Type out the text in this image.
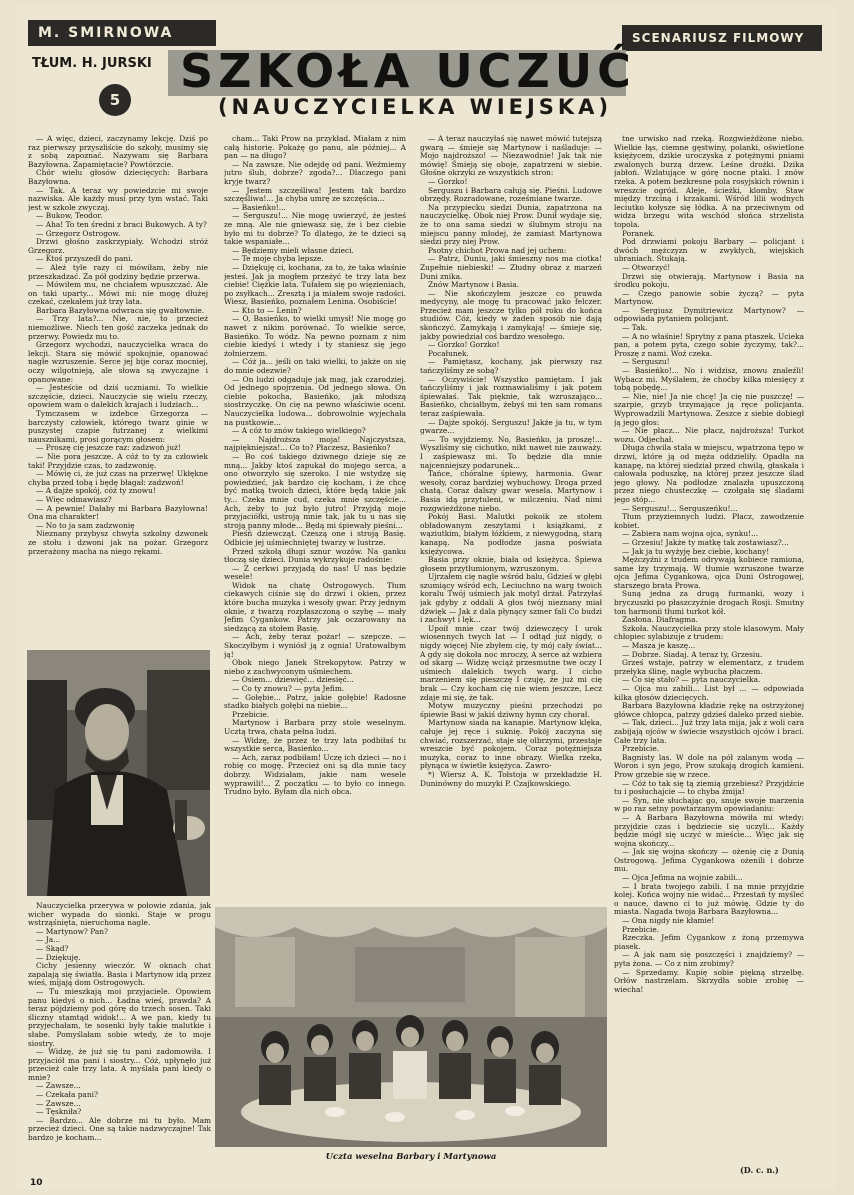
M. SMIRNOWA	SCENARIUSZ FILMOWY
TŁUM. H. JURSKI
5
SZKOŁA UCZUĆ
(NAUCZYCIELKA WIEJSKA)

— A więc, dzieci, zaczynamy lekcję. Dziś po raz pierwszy przyszliście do szkoły, musimy się z sobą zapoznać. Nazywam się Barbara Bazyłowna. Zapamiętacie? Powtórzcie.

Chór wielu głosów dziecięcych: Barbara Bazyłowna.

— Tak. A teraz wy powiedzcie mi swoje nazwiska. Ale każdy musi przy tym wstać. Taki jest w szkole zwyczaj.

— Bukow, Teodor.

— Aha! To ten średni z braci Bukowych. A ty?

— Grzegorz Ostrogow.

Drzwi głośno zaskrzypiały. Wchodzi stróż Grzegorz.

— Ktoś przyszedł do pani.

— Ależ tyle razy ci mówiłam, żeby nie przeszkadzać. Za pół godziny będzie przerwa.

— Mówiłem mu, ne chciałem wpuszczać. Ale on taki uparty... Mówi mi: nie mogę dłużej czekać, czekałem już trzy lata.

Barbara Bazyłowna odwraca się gwałtownie.

— Trzy lata?... Nie, nie, to przecież niemożliwe. Niech ten gość zaczeka jednak do przerwy. Powiedz mu to.

Grzegorz wychodzi, nauczycielka wraca do lekcji. Stara się mówić spokojnie, opanować nagłe wzruszenie. Serce jej bije coraz mocniej, oczy wilgotnieją, ale słowa są zwyczajne i opanowane:

— Jesteście od dziś uczniami. To wielkie szczęście, dzieci. Nauczycie się wielu rzeczy, opowiem wam o dalekich krajach i ludziach...

Tymczasem w izdebce Grzegorza — barczysty człowiek, którego twarz ginie w puszystej czapie futrzanej z wielkimi nausznikami, prosi gorącym głosem:

— Proszę cię jeszcze raz: zadzwoń już!

— Nie pora jeszcze. A cóż to ty za człowiek taki! Przyjdzie czas, to zadzwonię.

— Mówię ci, że już czas na przerwę! Ukłękne chyba przed tobą i będę błagał: zadzwoń!

— A dajże spokój, cóż ty znowu!

— Więc odmawiasz?

— A pewnie! Dałaby mi Barbara Bazyłowna! Ona ma charakter!

— No to ja sam zadzwonię

Nieznany przybysz chwyta szkolny dzwonek ze stołu i dzwoni jak na pożar. Grzegorz przerażony macha na niego rękami.

cham... Taki Prow na przykład. Miałam z nim całą historię. Pokażę go panu, ale później... A pan — na długo?

— Na zawsze. Nie odejdę od pani. Weźmiemy jutro ślub, dobrze? zgoda?... Dlaczego pani kryje twarz?

— Jestem szczęśliwa! Jestem tak bardzo szczęśliwa!... Ja chyba umrę ze szczęścia...

— Basieńko!...

— Serguszu!... Nie mogę uwierzyć, że jesteś ze mną. Ale nie gniewasz się, że i bez ciebie było mi tu dobrze? To dlatego, że te dzieci są takie wspaniałe...

— Będziemy mieli własne dzieci.

— Te moje chyba lepsze.

— Dziękuję ci, kochana, za to, że taka właśnie jesteś. Jak ja mogłem przeżyć te trzy lata bez ciebie! Ciężkie lata. Tułałem się po więzieniach, po zsyłkach... Zresztą i ja miałem swoje radości. Wiesz, Basieńko, poznałem Lenina. Osobiście!

— Kto to — Lenin?

— O, Basieńko, to wielki umysł! Nie mogę go nawet z nikim porównać. To wielkie serce, Basieńko. To wódz. Na pewno poznam z nim ciebie kiedyś i wtedy i ty staniesz się jego żołnierzem.

— Cóż ja... jeśli on taki wielki, to jakże on się do mnie odezwie?

— On ludzi odgaduje jak mag, jak czarodziej. Od jednego spojrzenia. Od jednego słowa. On ciebie pokocha, Basieńko, jak młodszą siostrzyczkę. On cię na pewno właściwie oceni. Nauczycielka ludowa... dobrowolnie wyjechała na pustkowie...

— A cóż to znów takiego wielkiego?

— Najdroższa moja! Najczystsza, najpiękniejsza!... Co to? Płaczesz, Basieńko?

— Bo coś takiego dziwnego dzieje się ze mną... Jakby ktoś zapukał do mojego serca, a ono otworzyło się szeroko. I nie wstydzę się powiedzieć, jak bardzo cię kocham, i że chcę być matką twoich dzieci, które będą takie jak ty... Czeka mnie cud, czeka mnie szczęście... Ach, żeby to już było jutro! Przyjdą moje przyjaciółki, ustroją mnie tak, jak tu u nas się stroją panny młode... Będą mi śpiewały pieśni...

Pieśń dziewcząt. Czeszą one i stroją Basię. Odbicie jej uśmiechniętej twarzy w lustrze.

Przed szkołą długi sznur wozów. Na ganku tłoczą się dzieci. Dunia wykrzykuje radośnie:

— Z cerkwi przyjadą do nas! U nas będzie wesele!

Widok na chatę Ostrogowych. Tłum ciekawych ciśnie się do drzwi i okien, przez które bucha muzyka i wesoły gwar. Przy jednym oknie, z twarzą rozpłaszczoną o szybę — mały Jefim Cygankow. Patrzy jak oczarowany na siedzącą za stołem Basię.

— Ach, żeby teraz pożar! — szepcze. — Skoczyłbym i wyniósł ją z ognia! Uratowałbym ją!

Obok niego Janek Strekopytow. Patrzy w niebo z zachwyconym uśmiechem.

— Osiem... dziewięć... dziesięć...

— Co ty znowu? — pyta Jefim.

— Gołębie... Patrz, jakie gołębie! Radosne stadko białych gołębi na niebie...

Przebicie.

Martynow i Barbara przy stole weselnym. Ucztą trwa, chata pełna ludzi.

— Widzę, że przez te trzy lata podbiłaś tu wszystkie serca, Basieńko...

— Ach, zaraz podbiłam! Uczę ich dzieci — no i robię co mogę. Przecież oni są dla mnie tacy dobrzy. Widziałam, jakie nam wesele wyprawili!... Z początku — to było co innego. Trudno było. Byłam dla nich obca.

— A teraz nauczyłaś się nawet mówić tutejszą gwarą — śmieje się Martynow i naśladuje: — Mojo najdroższo! — Niezawodnie! Jak tak nie mówię! Śmieją się oboje, zapatrzeni w siebie. Głośne okrzyki ze wszystkich stron:

— Gorzko!

Serguszu i Barbara całują się. Pieśni. Ludowe obrzędy. Rozradowane, roześmiane twarze.

Na przypiecku siedzi Dunia, zapatrzona na nauczycielkę. Obok niej Prow. Dunił wydaje się, że to ona sama siedzi w ślubnym stroju na miejscu panny młodej, że zamiast Martynowa siedzi przy niej Prow.

Psotny chichot Prowa nad jej uchem:

— Patrz, Duniu, jaki śmieszny nos ma ciotka! Zupełnie niebieski! — Złudny obraz z marzeń Duni znika.

Znów Martynow i Basia.

— Nie skończyłem jeszcze co prawda medycyny, ale mogę tu pracować jako felczer. Przecież mam jeszcze tylko pół roku do końca studiów. Cóż, kiedy w żaden sposób nie dają skończyć. Zamykają i zamykają! — śmieje się, jakby powiedział coś bardzo wesołego.

— Gorzko! Gorzko!

Pocałunek.

— Pamiętasz, kochany, jak pierwszy raz tańczyliśmy ze sobą?

— Oczywiście! Wszystko pamiętam. I jak tańczyliśmy i jak rozmawialiśmy i jak potem śpiewałaś. Tak pięknie, tak wzruszająco... Basieńko, chciałbym, żebyś mi ten sam romans teraz zaśpiewała.

— Dajże spokój. Serguszu! Jakże ja tu, w tym gwarze...

— To wyjdziemy. No, Basieńko, ja proszę!... Wyszliśmy się cichutko, nikt nawet nie zauważy. I zaśpiewasz mi. To będzie dla mnie najcenniejszy podarunek...

Tańce, chóralne śpiewy, harmonia. Gwar wesoły, coraz bardziej wybuchowy. Droga przed chatą. Coraz dalszy gwar wesela. Martynow i Basia idą przytuleni, w milczeniu. Nad nimi rozgwieżdżone niebo.

Pokój Basi. Malutki pokoik ze stołem obładowanym zeszytami i książkami, z wąziutkim, białym łóżkiem, z niewygodną, starą kanapą. Na podłodze jasna poświata księżycowa.

Basia przy oknie, biała od księżyca. Śpiewa głosem przytłumionym, wzruszonym.

Ujrzałem cię nagle wśród balu, Gdzieś w głębi szumiący wśród ech, Leciuchno na warg twoich koralu Twój uśmiech jak motyl drżał. Patrzyłaś jak gdyby z oddali A głos twój nieznany miał dźwięk — Jak z dala płynący szmer fali Co budzi i zachwyt i lęk...

Upoił mnie czar twój dziewczęcy I urok wiosennych twych lat — I odtąd już nigdy, o nigdy więcej Nie zbyłem cię, ty mój cały świat... A gdy się dokoła noc mroczy, A serce aż wzbiera od skarg — Widzę wciąż przesmutne twe oczy I uśmiech dalekich twych warg. I cicho marzeniem się pieszczę I czuję, że już mi cię brak — Czy kocham cię nie wiem jeszcze, Lecz zdaje mi się, że tak.

Motyw muzyczny pieśni przechodzi po śpiewie Basi w jakiś dziwny hymn czy chorał.

Martynow siada na kanapie. Martynow klęka, całuje jej ręce i suknię. Pokój zaczyna się chwiać, rozszerzać, staje się olbrzymi, przestaje wreszcie być pokojem. Coraz potężniejsza muzyka, coraz to inne obrazy. Wielka rzeka, płynąca w świetle księżyca. Zawro-

*) Wiersz A. K. Tołstoja w przekładzie H. Duninówny do muzyki P. Czajkowskiego.

tne urwisko nad rzeką. Rozgwieżdżone niebo. Wielkie łąs, ciemne gęstwiny, polanki, oświetlone księżycem, dzikie uroczyska z potężnymi pniami zwalonych burzą drzew. Leśne drożki. Dzika jabłoń. Wzlatujące w górę nocne ptaki. I znów rzeka. A potem bezkresne pola rosyjskich równin i wreszcie ogród. Aleje, ścieżki, klomby. Staw między trzciną i krzakami. Wśród lilii wodnych leciutko kołysze się łódka. A na przeciwnym od widza brzegu wita wschód słońca strzelista topola.

Poranek.

Pod drzwiami pokoju Barbary — policjant i dwóch mężczyzn w zwykłych, wiejskich ubraniach. Stukają.

— Otworzyć!

Drzwi się otwierają. Martynow i Basia na środku pokoju.

— Czego panowie sobie życzą? — pyta Martynow.

— Sergiusz Dymitriewicz Martynow? — odpowiada pytaniem policjant.

— Tak.

— A no właśnie! Sprytny z pana ptaszek. Ucieka pan, a potem pyta, czego sobie życzymy, tak?... Proszę z nami. Woź czeka.

— Serguszu!

— Basieńko!... No i widzisz, znowu znaleźli! Wybacz mi. Myślałem, że choćby kilka miesięcy z tobą pobędę...

— Nie, nie! Ja nie chcę! Ja cię nie puszczę! — szarpie, grzyb trzymające ją ręce policjanta. Wyprowadzili Martynowa. Zeszce z siebie dobiegł ją jego głos:

— Nie płacz... Nie płacz, najdroższa! Turkot wozu. Odjechał.

Długa chwila stała w miejscu, wpatrzona tępo w drzwi, które ją od męża oddzieliły. Opadła na kanapę, na której siedział przed chwilą, głaskała i całowała poduszkę, na której przez jeszcze ślad jego głowy. Na podłodze znalazła upuszczoną przez niego chusteczkę — czołgała się śladami jego stóp...

— Serguszu!... Serguszeńku!...

Tłum przyziemnych ludzi. Płacz, zawodzenie kobiet.

— Zabiera nam wojna ojca, synku!...

— Grzesiu! Jakże ty matkę tak zostawiasz?...

— Jak ja tu wyżyję bez ciebie, kochany!

Mężczyźni z trudem odrywają kobiece ramiona, same łzy trzymają. W tłumie wzruszone twarze ojca Jefima Cygankowa, ojca Duni Ostrogowej, starszego brata Prowa.

Suną jedna za drugą furmanki, wozy i bryczuszki po płaszczyźnie drogach Rosji. Smutny ton harmonii tłumi turkot kół.

Zasłona. Diafragma.

Szkoła. Nauczycielka przy stole klasowym. Mały chłopiec sylabizuje z trudem:

— Masza je kaszę...

— Dobrze. Siadaj. A teraz ty, Grzesiu.

Grześ wstaje, patrzy w elementarz, z trudem przełyka ślinę, nagle wybucha płaczem.

— Co się stało? — pyta nauczycielka.

— Ojca mu zabili... List był ... — odpowiada kilka głosów dziecięcych.

Barbara Bazyłowna kładzie rękę na ostrzyżonej główce chłopca, patrzy gdzieś daleko przed siebie.

— Tak, dzieci... Już trzy lata mija, jak z woli cara zabijają ojców w świecie wszystkich ojców i braci. Całe trzy lata.

Przebicie.

Bagnisty las. W dole na pół zalanym wodą — Woron i syn jego, Prow szukają drogich kamieni. Prow grzebie się w rzece.

— Cóż to tak się tą ziemią grzebiesz? Przyjdźcie tu i posłuchajcie — to chyba żmija!

— Syn, nie słuchając go, snuje swoje marzenia w po raz setny powtarzanym opowiadaniu:

— A Barbara Bazyłowna mówiła mi wtedy: przyjdzie czas i będziecie się uczyli... Każdy będzie mógł się uczyć w mieście... Więc jak się wojna skończy...

— Jak się wojna skończy — ożenię cię z Dunią Ostrogową. Jefima Cygankowa ożenili i dobrze mu.

— Ojca Jefima na wojnie zabili...

— I brata twojego zabili. I na mnie przyjdzie kolej. Końca wojny nie widać... Przestań ty myśleć o nauce, dawno ci to już mówię. Gdzie ty do miasta. Nagada twoja Barbara Bazyłowna...

— Ona nigdy nie kłamie!

Przebicie.

Rzeczka. Jefim Cygankow z żoną przemywa piasek.

— A jak nam się poszczęści i znajdziemy? — pyta żona. — Co z nim zrobimy?

— Sprzedamy. Kupię sobie piękną strzelbę. Orłów nastrzelam. Skrzydła sobie zrobię — wiecha!

Nauczycielka przerywa w połowie zdania, jak wicher wypada do sionki. Staje w progu wstrząśnięta, nieruchoma nagle.

— Martynow? Pan?

— Ja...

— Skąd?

— Dziękuję.

Cichy jesienny wieczór. W oknach chat zapalają się światła. Basia i Martynow idą przez wieś, mijają dom Ostrogowych.

— Tu mieszkają moi przyjaciele. Opowiem panu kiedyś o nich... Ładna wieś, prawda? A teraz pójdziemy pod górę do trzech sosen. Taki śliczny stamtąd widok!... A we pan, kiedy tu przyjechałam, te sosenki były takie malutkie i słabe. Pomyślałam sobie wtedy, że to moje siostry.

— Widzę, że już się tu pani zadomowiła. I przyjaciół ma pani i siostry... Cóż, upłynęło już przecież całe trzy lata. A myślała pani kiedy o mnie?

— Zawsze...

— Czekała pani?

— Zawsze...

— Tęskniła?

— Bardzo... Ale dobrze mi tu było. Mam przecież dzieci. One są takie nadzwyczajne! Tak bardzo je kocham...

Uczta weselna Barbary i Martynowa
10
(D. c. n.)
